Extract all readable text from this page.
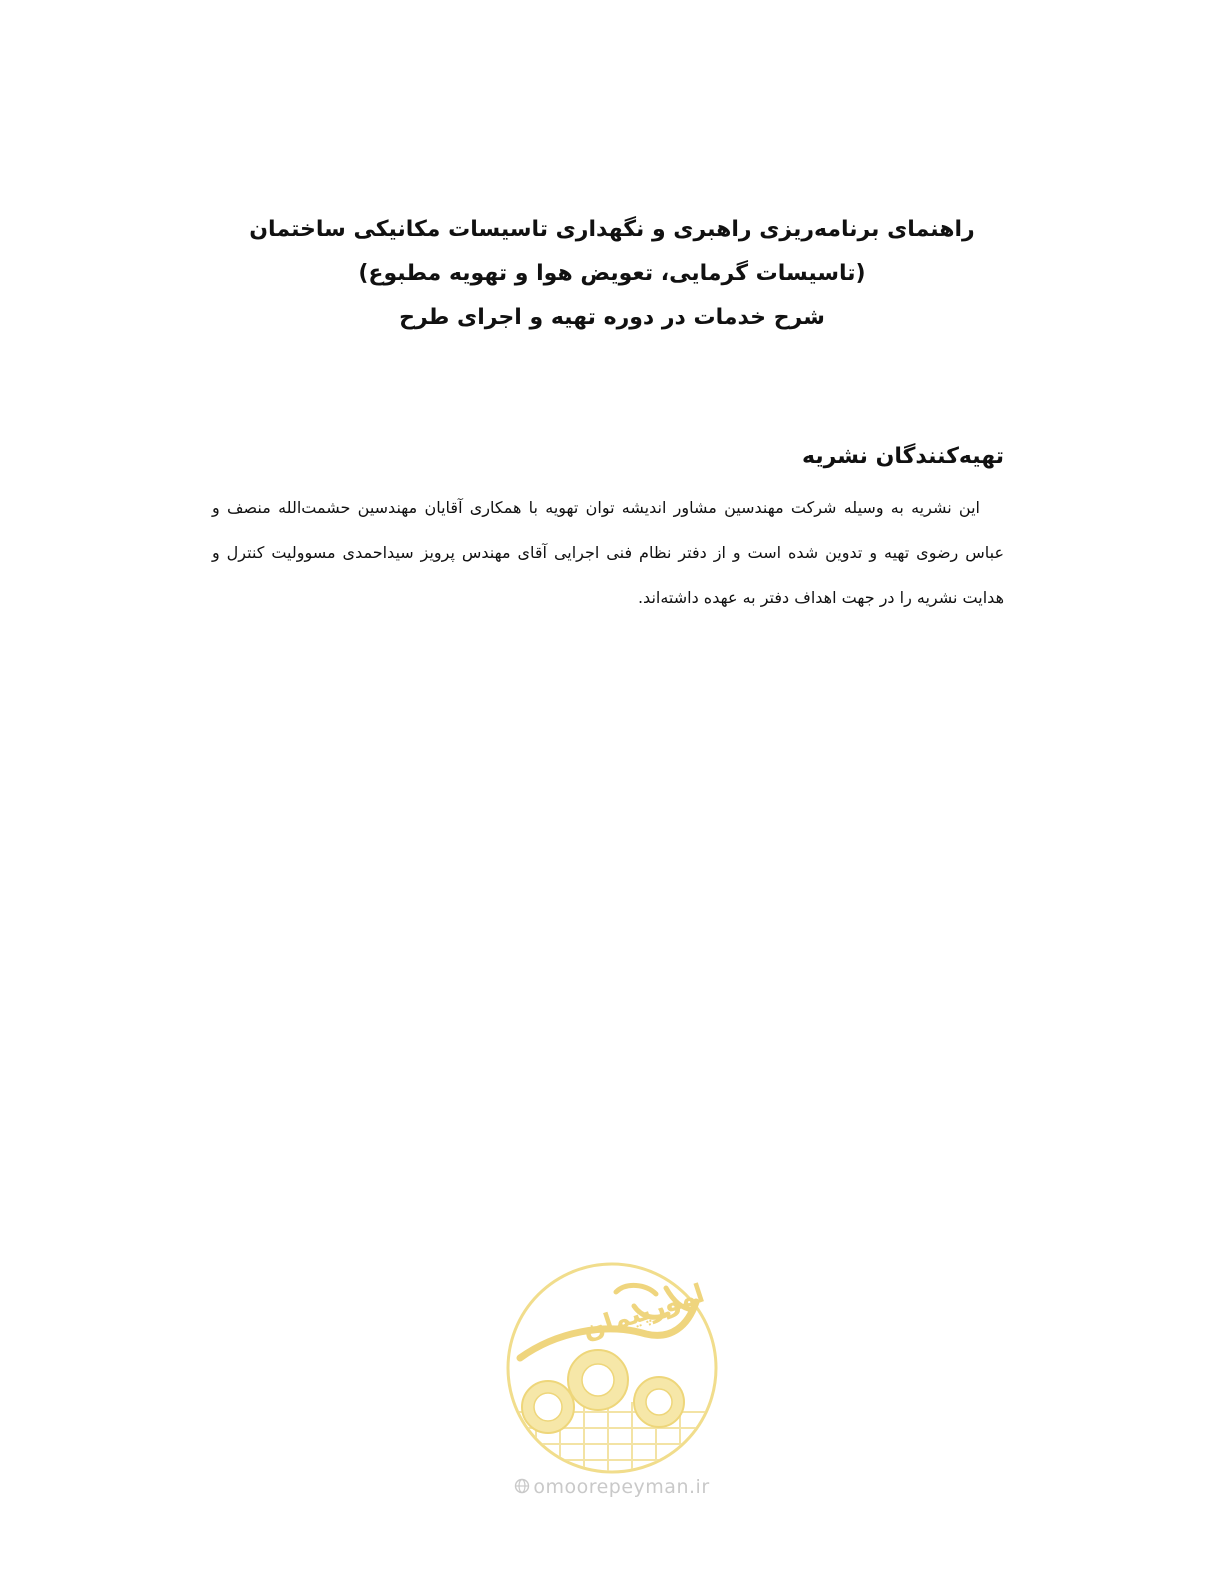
راهنمای برنامه‌ریزی راهبری و نگهداری تاسیسات مکانیکی ساختمان
(تاسیسات گرمایی، تعویض هوا و تهویه مطبوع)
شرح خدمات در دوره تهیه و اجرای طرح
تهیه‌کنندگان نشریه

این نشریه به وسیله شرکت مهندسین مشاور اندیشه توان تهویه با همکاری آقایان مهندسین حشمت‌الله منصف و عباس رضوی تهیه و تدوین شده است و از دفتر نظام فنی اجرایی آقای مهندس پرویز سیداحمدی مسوولیت کنترل و هدایت نشریه را در جهت اهداف دفتر به عهده داشته‌اند.

امورپیمان
omoorepeyman.ir
